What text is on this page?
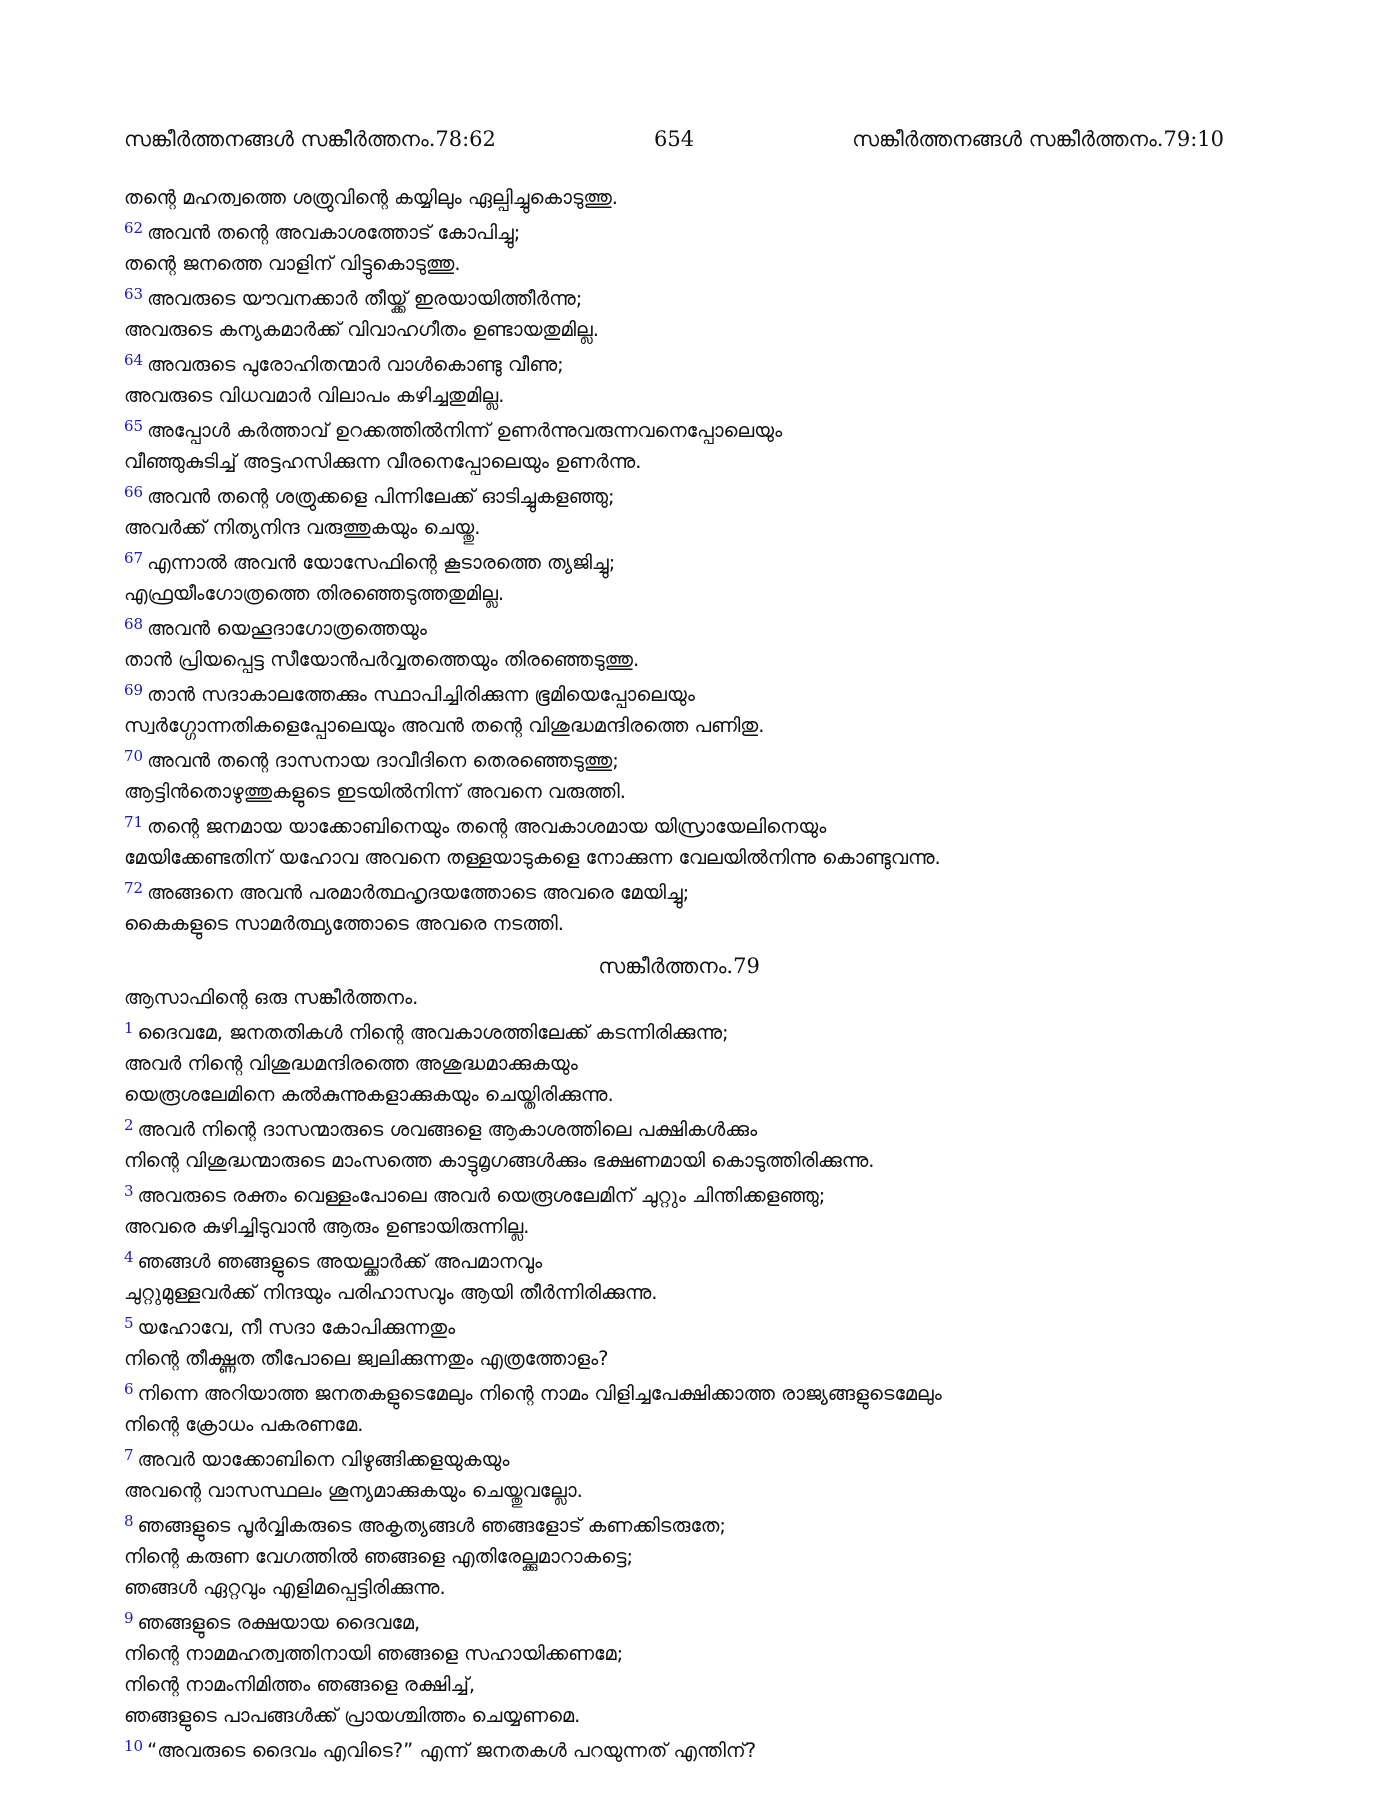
സങ്കീർത്തനങ്ങൾ സങ്കീർത്തനം.78:62	654	സങ്കീർത്തനങ്ങൾ സങ്കീർത്തനം.79:10
തന്റെ മഹത്വത്തെ ശത്രുവിന്റെ കയ്യിലും ഏല്പിച്ചുകൊടുത്തു.
$^{62}$ അവൻ തന്റെ അവകാശത്തോട് കോപിച്ചു;
തന്റെ ജനത്തെ വാളിന് വിട്ടുകൊടുത്തു.
$^{63}$ അവരുടെ യൗവനക്കാർ തീയ്ക്ക് ഇരയായിത്തീർന്നു;
അവരുടെ കന്യകമാർക്ക് വിവാഹഗീതം ഉണ്ടായതുമില്ല.
$^{64}$ അവരുടെ പുരോഹിതന്മാർ വാൾകൊണ്ടു വീണു;
അവരുടെ വിധവമാർ വിലാപം കഴിച്ചതുമില്ല.
$^{65}$ അപ്പോൾ കർത്താവ് ഉറക്കത്തിൽനിന്ന് ഉണർന്നുവരുന്നവനെപ്പോലെയും
വീഞ്ഞുകുടിച്ച് അട്ടഹസിക്കുന്ന വീരനെപ്പോലെയും ഉണർന്നു.
$^{66}$ അവൻ തന്റെ ശത്രുക്കളെ പിന്നിലേക്ക് ഓടിച്ചുകളഞ്ഞു;
അവർക്ക് നിത്യനിന്ദ വരുത്തുകയും ചെയ്തു.
$^{67}$ എന്നാൽ അവൻ യോസേഫിന്റെ കൂടാരത്തെ ത്യജിച്ചു;
എഫ്രയീംഗോത്രത്തെ തിരഞ്ഞെടുത്തതുമില്ല.
$^{68}$ അവൻ യെഹൂദാഗോത്രത്തെയും
താൻ പ്രിയപ്പെട്ട സീയോൻപർവ്വതത്തെയും തിരഞ്ഞെടുത്തു.
$^{69}$ താൻ സദാകാലത്തേക്കും സ്ഥാപിച്ചിരിക്കുന്ന ഭൂമിയെപ്പോലെയും
സ്വർഗ്ഗോന്നതികളെപ്പോലെയും അവൻ തന്റെ വിശുദ്ധമന്ദിരത്തെ പണിതു.
$^{70}$ അവൻ തന്റെ ദാസനായ ദാവീദിനെ തെരഞ്ഞെടുത്തു;
ആട്ടിൻതൊഴുത്തുകളുടെ ഇടയിൽനിന്ന് അവനെ വരുത്തി.
$^{71}$ തന്റെ ജനമായ യാക്കോബിനെയും തന്റെ അവകാശമായ യിസ്രായേലിനെയും
മേയിക്കേണ്ടതിന് യഹോവ അവനെ തള്ളയാടുകളെ നോക്കുന്ന വേലയിൽനിന്നു കൊണ്ടുവന്നു.
$^{72}$ അങ്ങനെ അവൻ പരമാർത്ഥഹൃദയത്തോടെ അവരെ മേയിച്ചു;
കൈകളുടെ സാമർത്ഥ്യത്തോടെ അവരെ നടത്തി.
സങ്കീർത്തനം.79
ആസാഫിന്റെ ഒരു സങ്കീർത്തനം.
$^1$ ദൈവമേ, ജനതതികൾ നിന്റെ അവകാശത്തിലേക്ക് കടന്നിരിക്കുന്നു;
അവർ നിന്റെ വിശുദ്ധമന്ദിരത്തെ അശുദ്ധമാക്കുകയും
യെരൂശലേമിനെ കൽകുന്നുകളാക്കുകയും ചെയ്തിരിക്കുന്നു.
$^2$ അവർ നിന്റെ ദാസന്മാരുടെ ശവങ്ങളെ ആകാശത്തിലെ പക്ഷികൾക്കും
നിന്റെ വിശുദ്ധന്മാരുടെ മാംസത്തെ കാട്ടുമൃഗങ്ങൾക്കും ഭക്ഷണമായി കൊടുത്തിരിക്കുന്നു.
$^3$ അവരുടെ രക്തം വെള്ളംപോലെ അവർ യെരൂശലേമിന് ചുറ്റും ചിന്തിക്കളഞ്ഞു;
അവരെ കുഴിച്ചിടുവാൻ ആരും ഉണ്ടായിരുന്നില്ല.
$^4$ ഞങ്ങൾ ഞങ്ങളുടെ അയല്ക്കാർക്ക് അപമാനവും
ചുറ്റുമുള്ളവർക്ക് നിന്ദയും പരിഹാസവും ആയി തീർന്നിരിക്കുന്നു.
$^5$ യഹോവേ, നീ സദാ കോപിക്കുന്നതും
നിന്റെ തീക്ഷ്ണത തീപോലെ ജ്വലിക്കുന്നതും എത്രത്തോളം?
$^6$ നിന്നെ അറിയാത്ത ജനതകളുടെമേലും നിന്റെ നാമം വിളിച്ചപേക്ഷിക്കാത്ത രാജ്യങ്ങളുടെമേലും
നിന്റെ ക്രോധം പകരണമേ.
$^7$ അവർ യാക്കോബിനെ വിഴുങ്ങിക്കളയുകയും
അവന്റെ വാസസ്ഥലം ശൂന്യമാക്കുകയും ചെയ്തുവല്ലോ.
$^8$ ഞങ്ങളുടെ പൂർവ്വികരുടെ അകൃത്യങ്ങൾ ഞങ്ങളോട് കണക്കിടരുതേ;
നിന്റെ കരുണ വേഗത്തിൽ ഞങ്ങളെ എതിരേല്ക്കുമാറാകട്ടെ;
ഞങ്ങൾ ഏറ്റവും എളിമപ്പെട്ടിരിക്കുന്നു.
$^9$ ഞങ്ങളുടെ രക്ഷയായ ദൈവമേ,
നിന്റെ നാമമഹത്വത്തിനായി ഞങ്ങളെ സഹായിക്കണമേ;
നിന്റെ നാമംനിമിത്തം ഞങ്ങളെ രക്ഷിച്ച്,
ഞങ്ങളുടെ പാപങ്ങൾക്ക് പ്രായശ്ചിത്തം ചെയ്യണമെ.
$^{10}$ “അവരുടെ ദൈവം എവിടെ?” എന്ന് ജനതകൾ പറയുന്നത് എന്തിന്?
